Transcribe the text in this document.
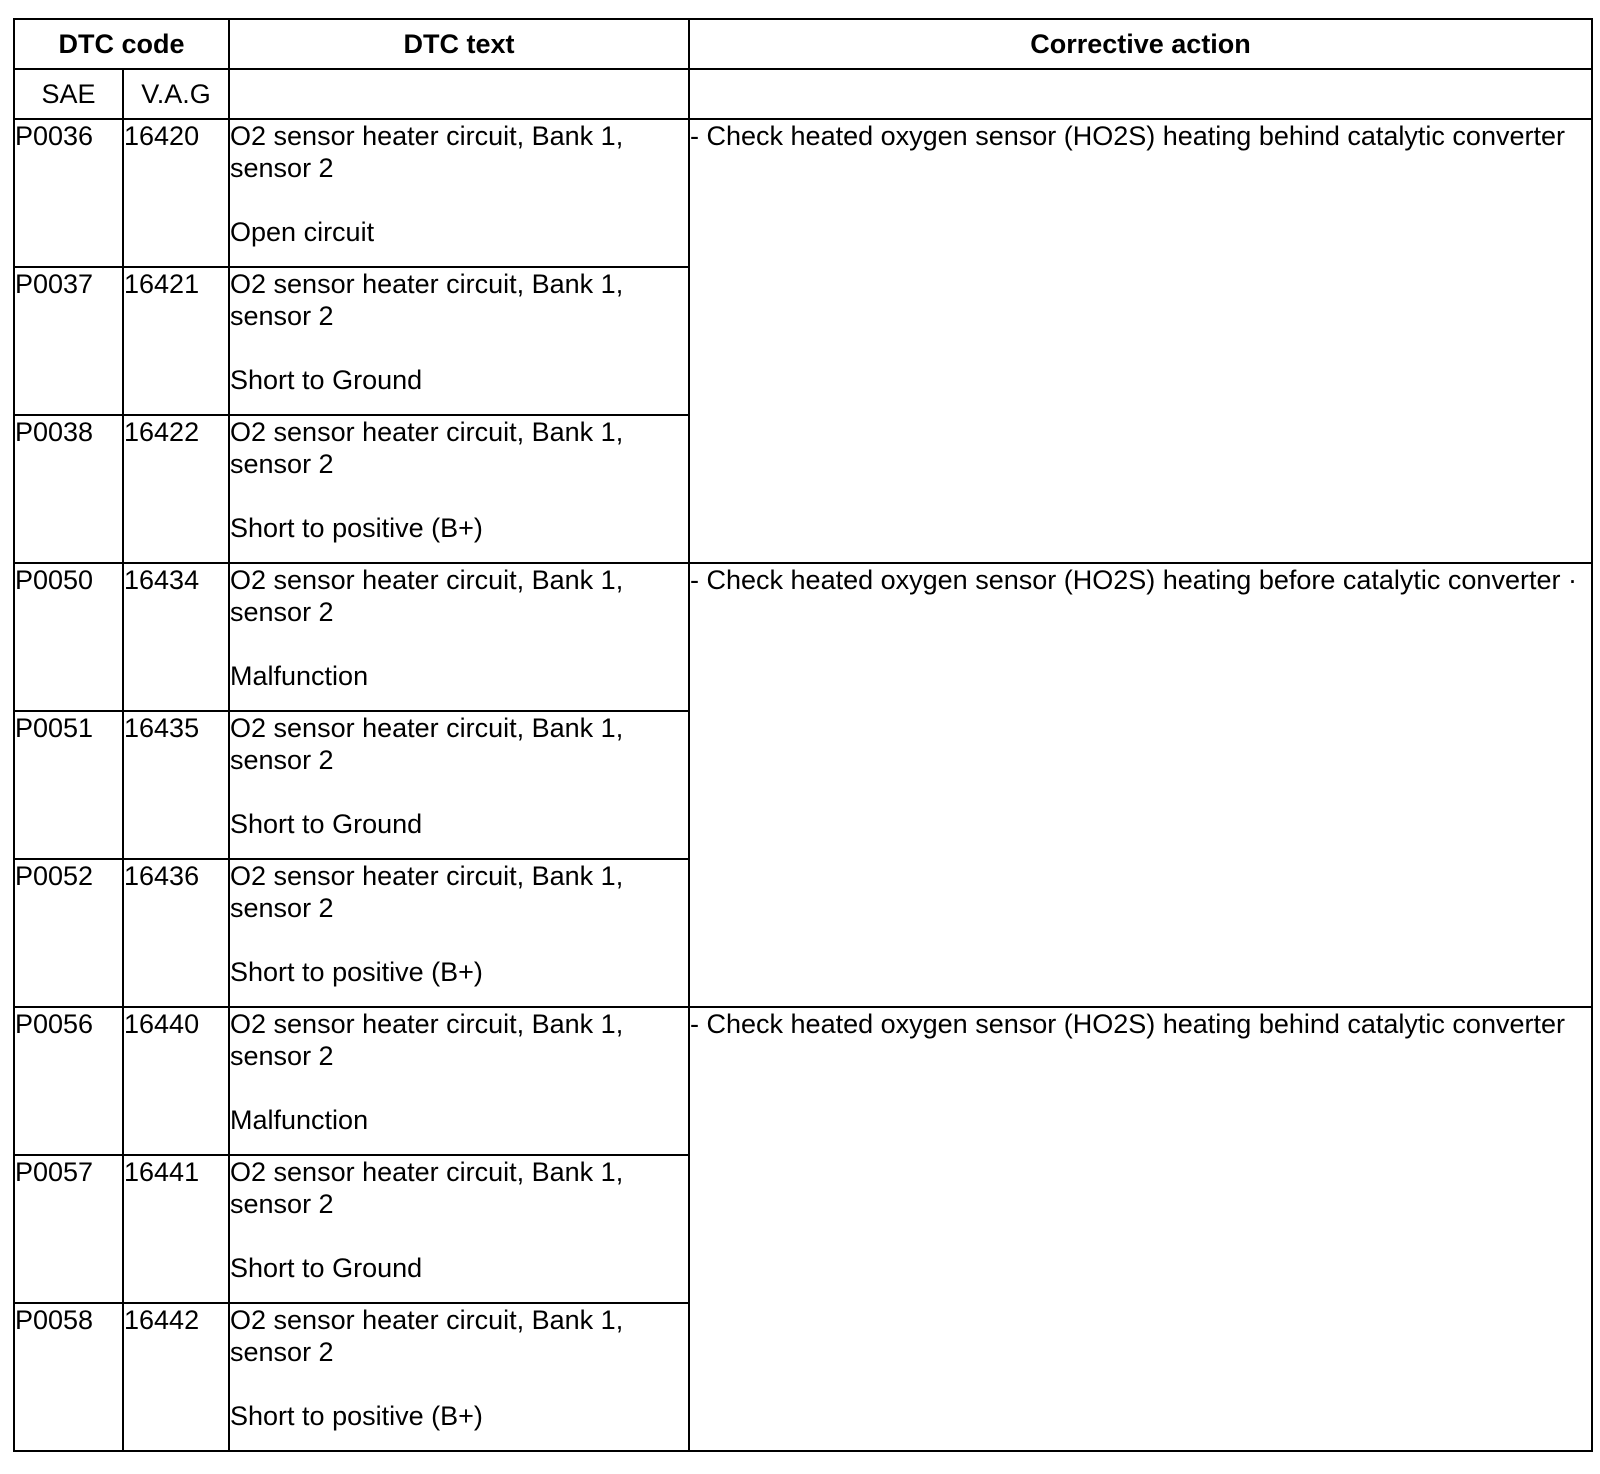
DTC code		DTC text	Corrective action
SAE	V.A.G		
P0036	16420	O2 sensor heater circuit, Bank 1,
sensor 2
Open circuit	- Check heated oxygen sensor (HO2S) heating behind catalytic converter
P0037	16421	O2 sensor heater circuit, Bank 1,
sensor 2
Short to Ground	

P0038	16422	O2 sensor heater circuit, Bank 1,
sensor 2
Short to positive (B+)	

P0050	16434	O2 sensor heater circuit, Bank 1,
sensor 2
Malfunction	- Check heated oxygen sensor (HO2S) heating before catalytic converter ·
P0051	16435	O2 sensor heater circuit, Bank 1,
sensor 2
Short to Ground	

P0052	16436	O2 sensor heater circuit, Bank 1,
sensor 2
Short to positive (B+)	

P0056	16440	O2 sensor heater circuit, Bank 1,
sensor 2
Malfunction	- Check heated oxygen sensor (HO2S) heating behind catalytic converter
P0057	16441	O2 sensor heater circuit, Bank 1,
sensor 2
Short to Ground	

P0058	16442	O2 sensor heater circuit, Bank 1,
sensor 2
Short to positive (B+)	
